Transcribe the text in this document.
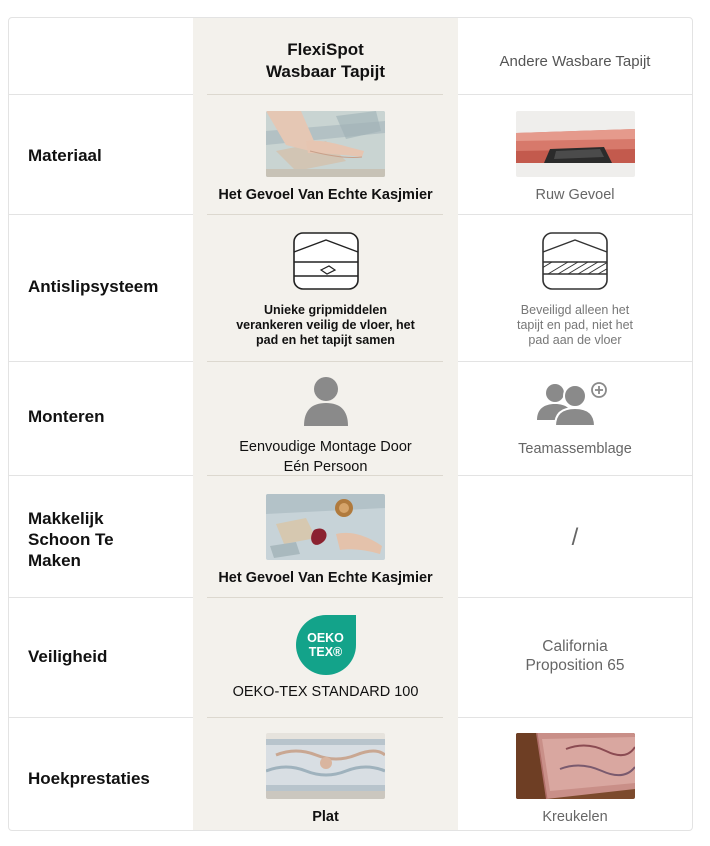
FlexiSpot
Wasbaar Tapijt
Andere Wasbare Tapijt
Materiaal
Het Gevoel Van Echte Kasjmier	Ruw Gevoel
Antislipsysteem
Unieke gripmiddelen
verankeren veilig de vloer, het
pad en het tapijt samen
Beveiligd alleen het
tapijt en pad, niet het
pad aan de vloer
Monteren
Eenvoudige Montage Door
Eén Persoon
Teamassemblage
Makkelijk
Schoon Te
Maken
Het Gevoel Van Echte Kasjmier
/
Veiligheid
OEKO
TEX®
OEKO-TEX STANDARD 100
California
Proposition 65
Hoekprestaties
Plat	Kreukelen
